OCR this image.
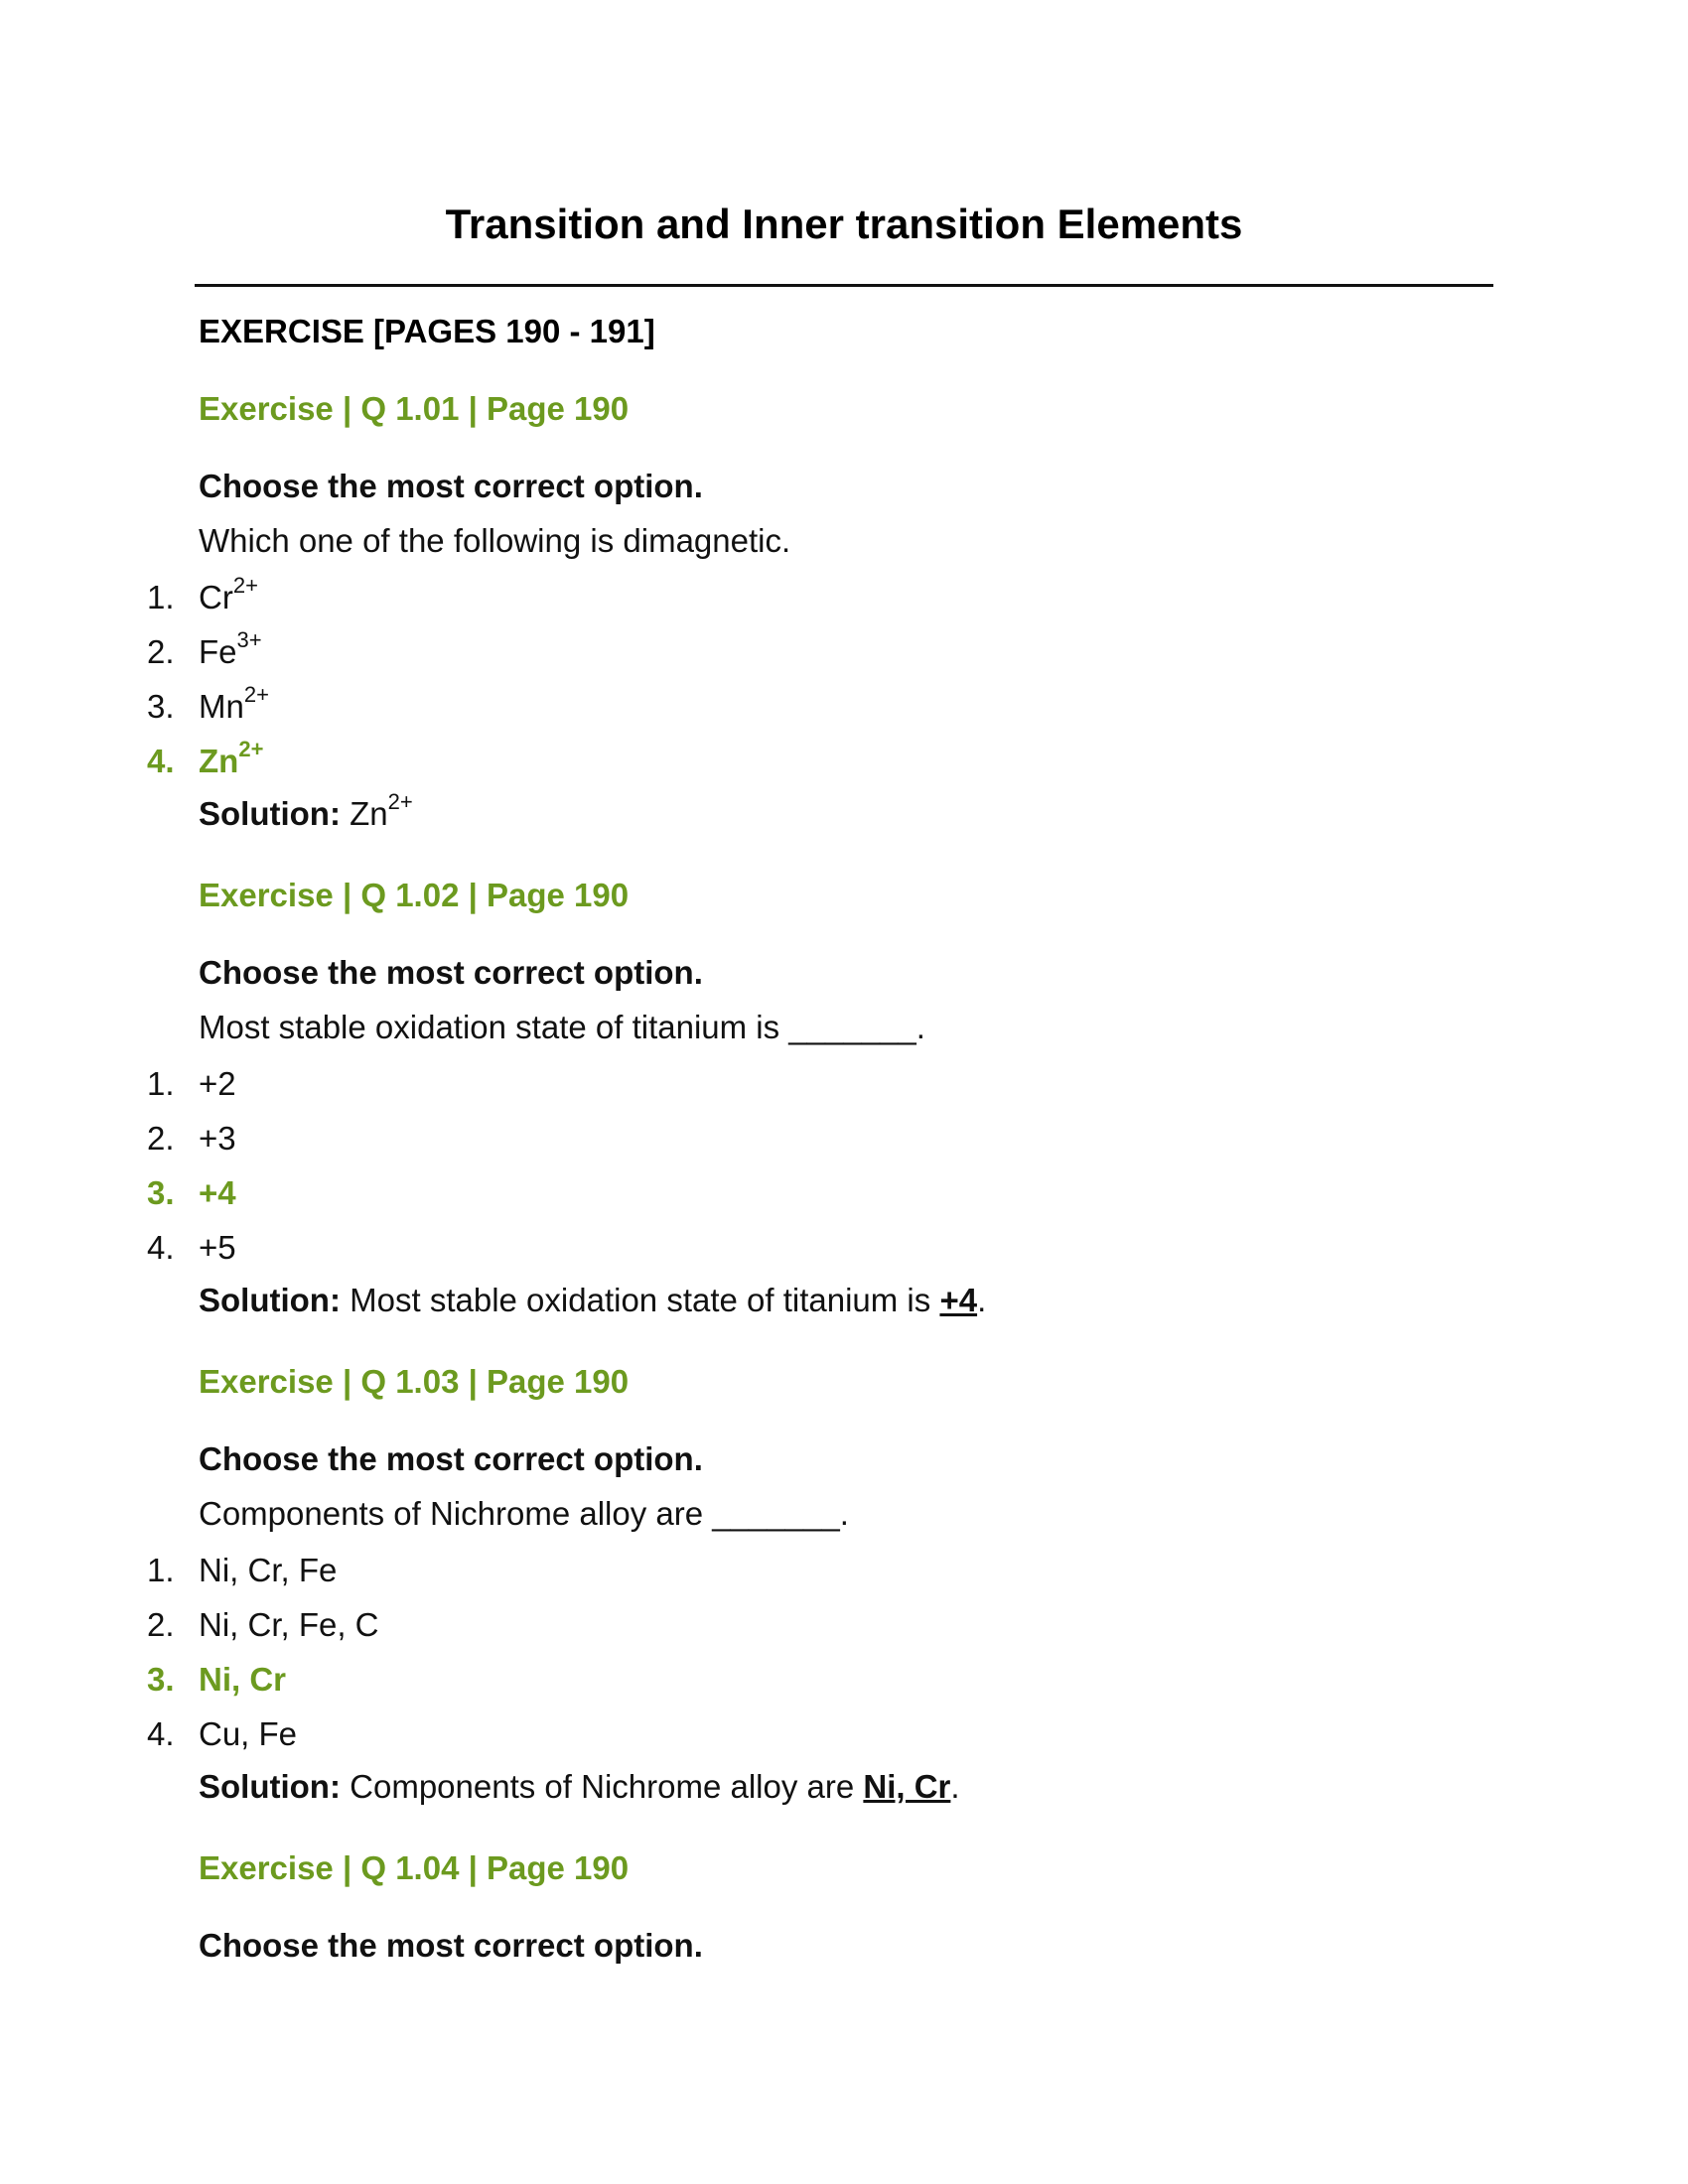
Transition and Inner transition Elements
EXERCISE [PAGES 190 - 191]
Exercise | Q 1.01 | Page 190
Choose the most correct option.
Which one of the following is dimagnetic.
1. $Cr^{2+}$
2. $Fe^{3+}$
3. $Mn^{2+}$
4. $Zn^{2+}$
Solution: $Zn^{2+}$
Exercise | Q 1.02 | Page 190
Choose the most correct option.
Most stable oxidation state of titanium is _______.
1. +2
2. +3
3. +4
4. +5
Solution: Most stable oxidation state of titanium is +4.
Exercise | Q 1.03 | Page 190
Choose the most correct option.
Components of Nichrome alloy are _______.
1. Ni, Cr, Fe
2. Ni, Cr, Fe, C
3. Ni, Cr
4. Cu, Fe
Solution: Components of Nichrome alloy are Ni, Cr.
Exercise | Q 1.04 | Page 190
Choose the most correct option.
